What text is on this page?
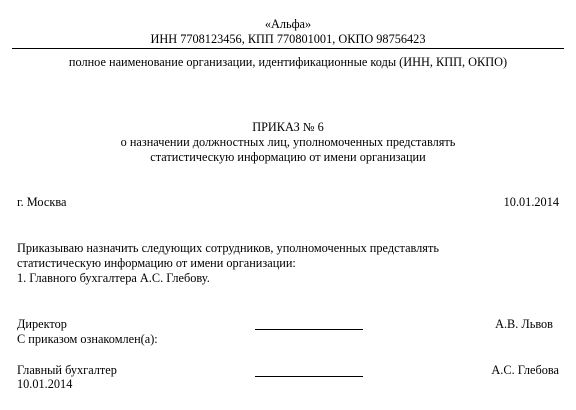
«Альфа»
ИНН 7708123456, КПП 770801001, ОКПО 98756423
полное наименование организации, идентификационные коды (ИНН, КПП, ОКПО)
ПРИКАЗ № 6
о назначении должностных лиц, уполномоченных представлять
статистическую информацию от имени организации
г. Москва	10.01.2014
Приказываю назначить следующих сотрудников, уполномоченных представлять
статистическую информацию от имени организации:
1. Главного бухгалтера А.С. Глебову.
Директор	А.В. Львов
С приказом ознакомлен(а):
Главный бухгалтер	А.С. Глебова
10.01.2014
